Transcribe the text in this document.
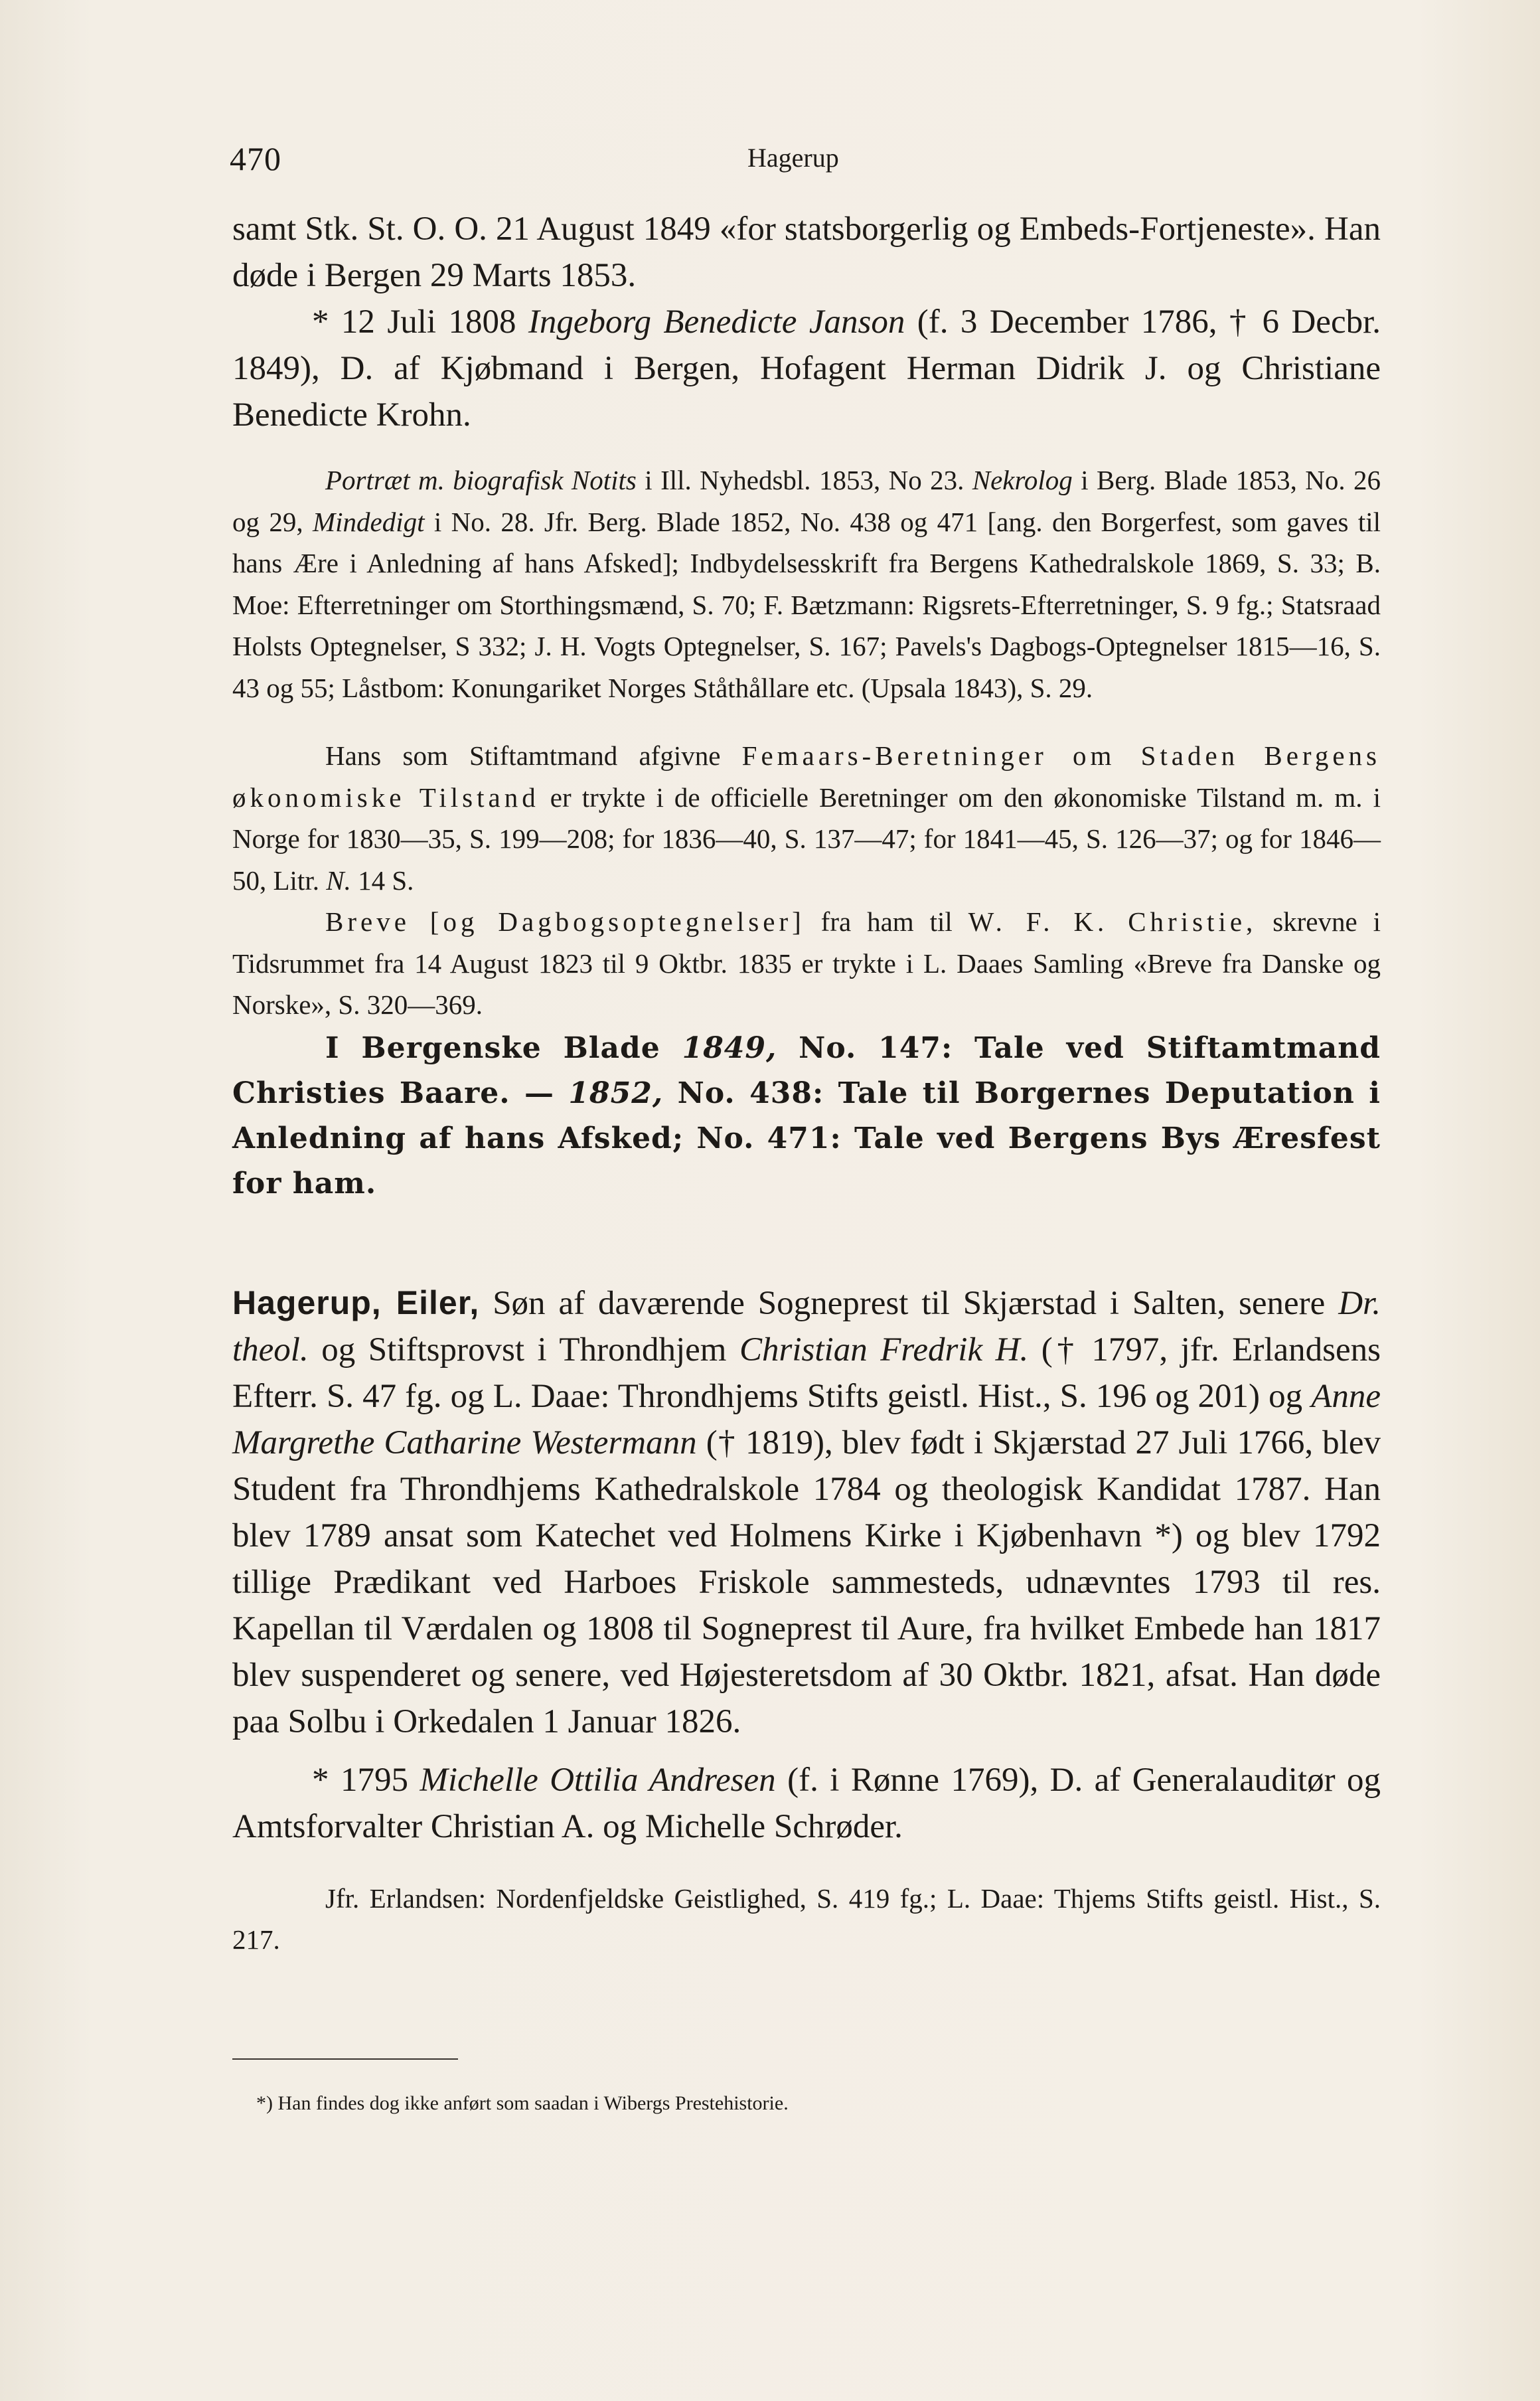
470	Hagerup

samt Stk. St. O. O. 21 August 1849 «for statsborgerlig og Embeds-Fortjeneste». Han døde i Bergen 29 Marts 1853.

* 12 Juli 1808 Ingeborg Benedicte Janson (f. 3 December 1786, † 6 Decbr. 1849), D. af Kjøbmand i Bergen, Hofagent Herman Didrik J. og Christiane Benedicte Krohn.

Portræt m. biografisk Notits i Ill. Nyhedsbl. 1853, No 23. Nekrolog i Berg. Blade 1853, No. 26 og 29, Mindedigt i No. 28. Jfr. Berg. Blade 1852, No. 438 og 471 [ang. den Borgerfest, som gaves til hans Ære i Anledning af hans Afsked]; Indbydelsesskrift fra Bergens Kathedralskole 1869, S. 33; B. Moe: Efterretninger om Storthingsmænd, S. 70; F. Bætzmann: Rigsrets-Efterretninger, S. 9 fg.; Statsraad Holsts Optegnelser, S 332; J. H. Vogts Optegnelser, S. 167; Pavels's Dagbogs-Optegnelser 1815—16, S. 43 og 55; Låstbom: Konungariket Norges Ståthållare etc. (Upsala 1843), S. 29.

Hans som Stiftamtmand afgivne Femaars-Beretninger om Staden Bergens økonomiske Tilstand er trykte i de officielle Beretninger om den økonomiske Tilstand m. m. i Norge for 1830—35, S. 199—208; for 1836—40, S. 137—47; for 1841—45, S. 126—37; og for 1846—50, Litr. N. 14 S.

Breve [og Dagbogsoptegnelser] fra ham til W. F. K. Christie, skrevne i Tidsrummet fra 14 August 1823 til 9 Oktbr. 1835 er trykte i L. Daaes Samling «Breve fra Danske og Norske», S. 320—369.

I Bergenske Blade 1849, No. 147: Tale ved Stiftamtmand Christies Baare. — 1852, No. 438: Tale til Borgernes Deputation i Anledning af hans Afsked; No. 471: Tale ved Bergens Bys Æresfest for ham.

Hagerup, Eiler, Søn af daværende Sogneprest til Skjærstad i Salten, senere Dr. theol. og Stiftsprovst i Throndhjem Christian Fredrik H. († 1797, jfr. Erlandsens Efterr. S. 47 fg. og L. Daae: Throndhjems Stifts geistl. Hist., S. 196 og 201) og Anne Margrethe Catharine Westermann († 1819), blev født i Skjærstad 27 Juli 1766, blev Student fra Throndhjems Kathedralskole 1784 og theologisk Kandidat 1787. Han blev 1789 ansat som Katechet ved Holmens Kirke i Kjøbenhavn *) og blev 1792 tillige Prædikant ved Harboes Friskole sammesteds, udnævntes 1793 til res. Kapellan til Værdalen og 1808 til Sogneprest til Aure, fra hvilket Embede han 1817 blev suspenderet og senere, ved Højesteretsdom af 30 Oktbr. 1821, afsat. Han døde paa Solbu i Orkedalen 1 Januar 1826.

* 1795 Michelle Ottilia Andresen (f. i Rønne 1769), D. af Generalauditør og Amtsforvalter Christian A. og Michelle Schrøder.

Jfr. Erlandsen: Nordenfjeldske Geistlighed, S. 419 fg.; L. Daae: Thjems Stifts geistl. Hist., S. 217.

*) Han findes dog ikke anført som saadan i Wibergs Prestehistorie.
